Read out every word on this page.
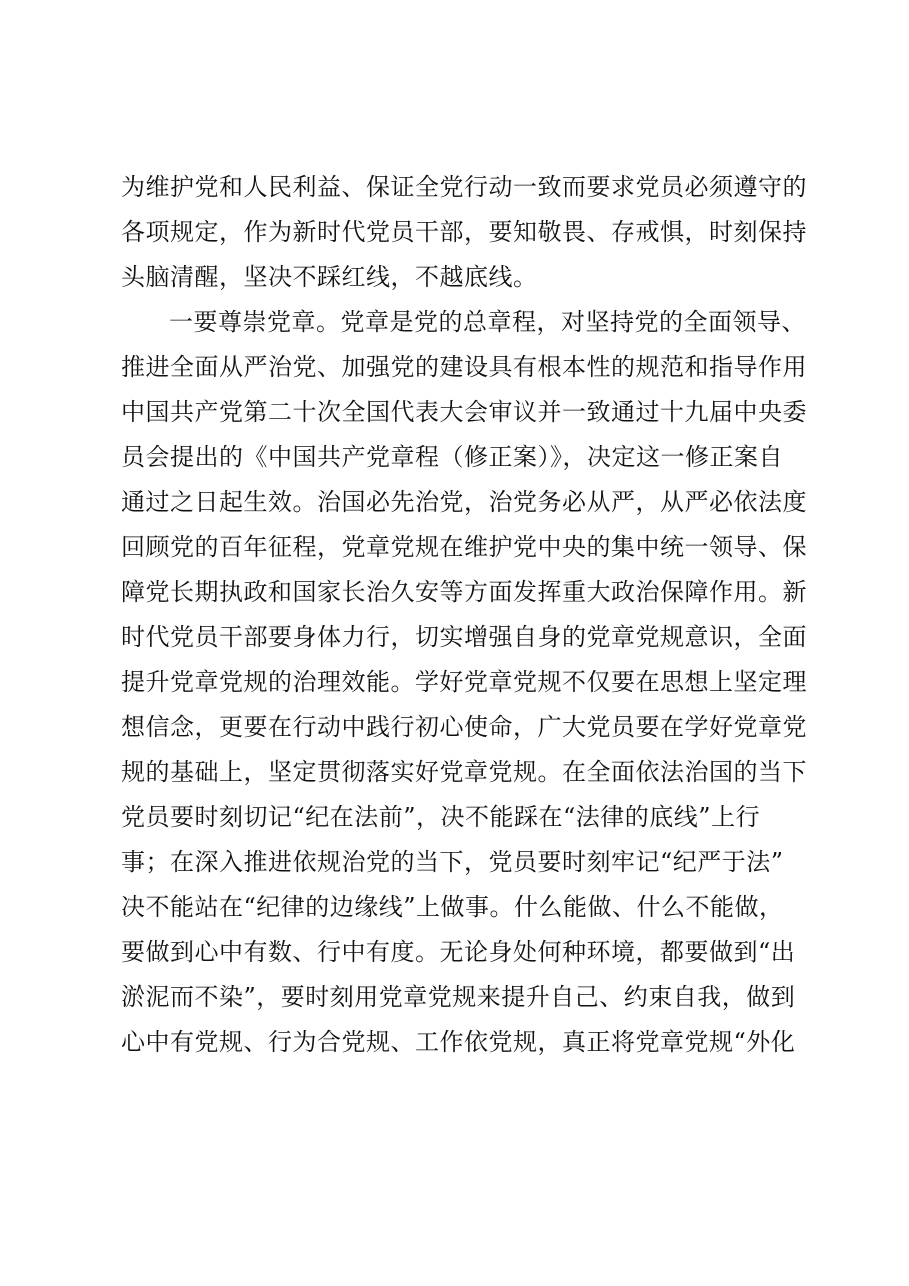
为维护党和人民利益、保证全党行动一致而要求党员必须遵守的
各项规定，作为新时代党员干部，要知敬畏、存戒惧，时刻保持
头脑清醒，坚决不踩红线，不越底线。
一要尊崇党章。党章是党的总章程，对坚持党的全面领导、
推进全面从严治党、加强党的建设具有根本性的规范和指导作用
中国共产党第二十次全国代表大会审议并一致通过十九届中央委
员会提出的《中国共产党章程（修正案）》，决定这一修正案自
通过之日起生效。治国必先治党，治党务必从严，从严必依法度
回顾党的百年征程，党章党规在维护党中央的集中统一领导、保
障党长期执政和国家长治久安等方面发挥重大政治保障作用。新
时代党员干部要身体力行，切实增强自身的党章党规意识，全面
提升党章党规的治理效能。学好党章党规不仅要在思想上坚定理
想信念，更要在行动中践行初心使命，广大党员要在学好党章党
规的基础上，坚定贯彻落实好党章党规。在全面依法治国的当下
党员要时刻切记“纪在法前”，决不能踩在“法律的底线”上行
事；在深入推进依规治党的当下，党员要时刻牢记“纪严于法”
决不能站在“纪律的边缘线”上做事。什么能做、什么不能做，
要做到心中有数、行中有度。无论身处何种环境，都要做到“出
淤泥而不染”，要时刻用党章党规来提升自己、约束自我，做到
心中有党规、行为合党规、工作依党规，真正将党章党规“外化
